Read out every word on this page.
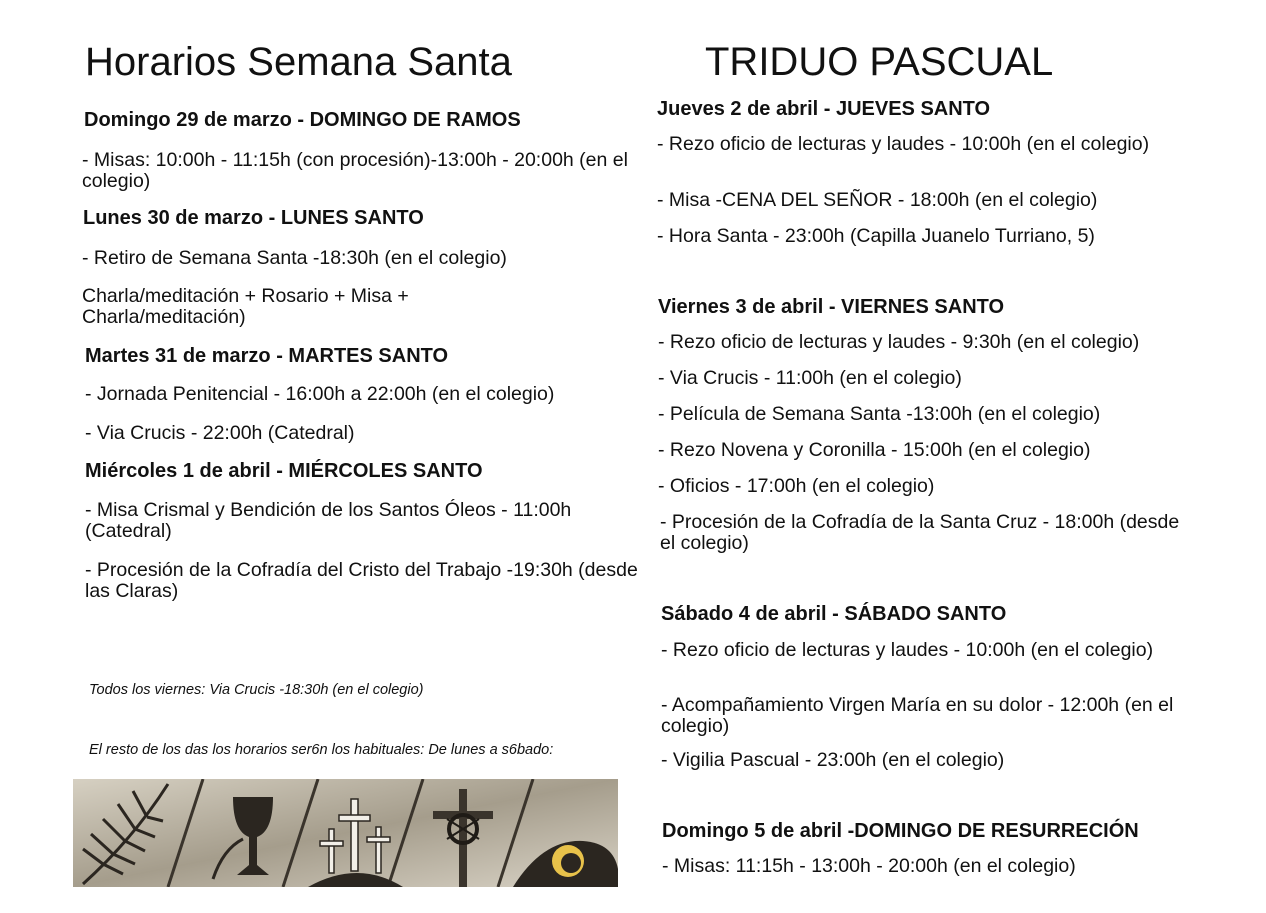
Horarios Semana Santa
Domingo 29 de marzo - DOMINGO DE RAMOS
- Misas: 10:00h - 11:15h (con procesión)-13:00h - 20:00h (en el colegio)
Lunes 30 de marzo - LUNES SANTO
- Retiro de Semana Santa -18:30h (en el colegio)
Charla/meditación + Rosario + Misa + Charla/meditación)
Martes 31 de marzo - MARTES SANTO
- Jornada Penitencial - 16:00h a 22:00h (en el colegio)
- Via Crucis - 22:00h (Catedral)
Miércoles 1 de abril - MIÉRCOLES SANTO
- Misa Crismal y Bendición de los Santos Óleos - 11:00h (Catedral)
- Procesión de la Cofradía del Cristo del Trabajo -19:30h (desde las Claras)

Todos los viernes: Via Crucis -18:30h (en el colegio)

El resto de los das los horarios ser6n los habituales: De lunes a s6bado:

TRIDUO PASCUAL
Jueves 2 de abril - JUEVES SANTO
- Rezo oficio de lecturas y laudes - 10:00h (en el colegio)
- Misa -CENA DEL SEÑOR - 18:00h (en el colegio)
- Hora Santa - 23:00h (Capilla Juanelo Turriano, 5)
Viernes 3 de abril - VIERNES SANTO
- Rezo oficio de lecturas y laudes - 9:30h (en el colegio)
- Via Crucis - 11:00h (en el colegio)
- Película de Semana Santa -13:00h (en el colegio)
- Rezo Novena y Coronilla - 15:00h (en el colegio)
- Oficios - 17:00h (en el colegio)
- Procesión de la Cofradía de la Santa Cruz - 18:00h (desde el colegio)
Sábado 4 de abril - SÁBADO SANTO
- Rezo oficio de lecturas y laudes - 10:00h (en el colegio)
- Acompañamiento Virgen María en su dolor - 12:00h (en el colegio)
- Vigilia Pascual - 23:00h (en el colegio)
Domingo 5 de abril -DOMINGO DE RESURRECIÓN
- Misas: 11:15h - 13:00h - 20:00h (en el colegio)
